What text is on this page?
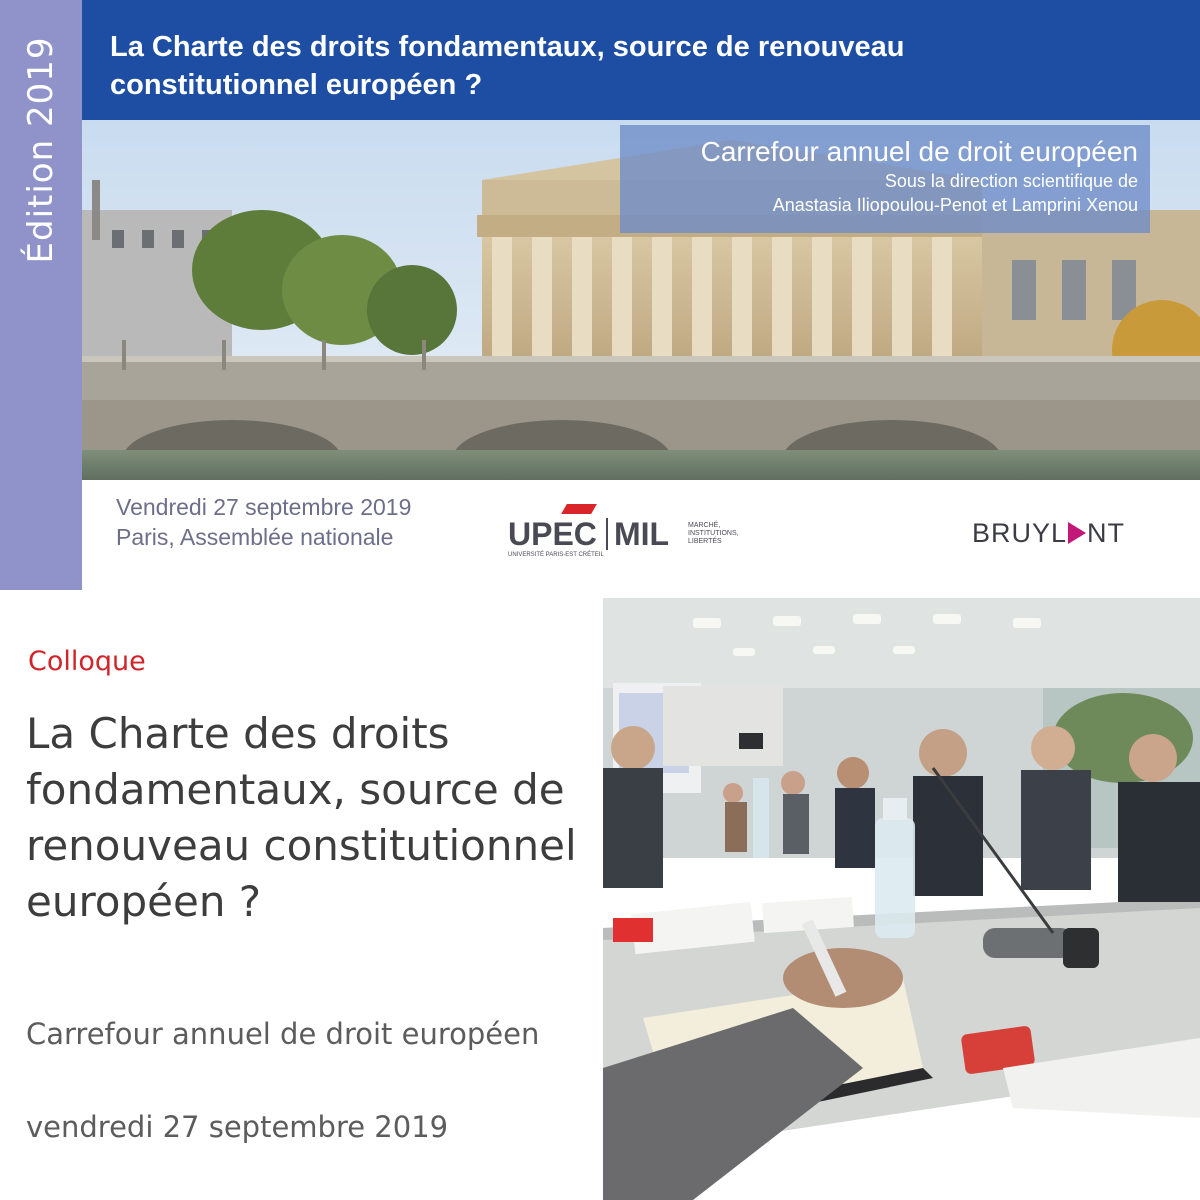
Édition 2019 La Charte des droits fondamentaux, source de renouveau
constitutionnel européen ?
Carrefour annuel de droit européen
Sous la direction scientifique de
Anastasia Iliopoulou-Penot et Lamprini Xenou
Vendredi 27 septembre 2019
Paris, Assemblée nationale	UPEC MIL
UNIVERSITÉ PARIS-EST CRÉTEIL
MARCHÉ, INSTITUTIONS, LIBERTÉS	BRUYL NT
Colloque
La Charte des droits fondamentaux, source de renouveau constitutionnel européen ?
Carrefour annuel de droit européen
vendredi 27 septembre 2019
